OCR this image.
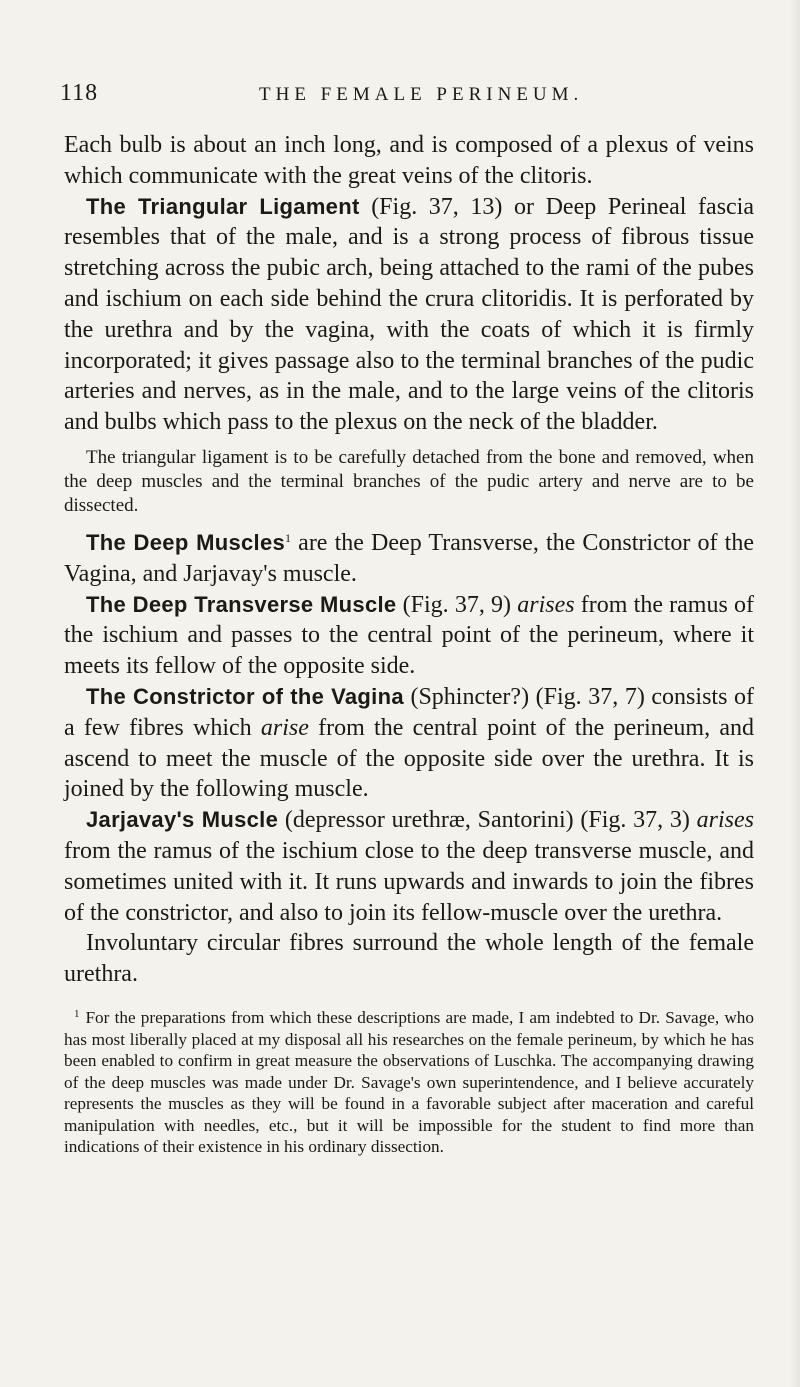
118	THE FEMALE PERINEUM.

Each bulb is about an inch long, and is composed of a plexus of veins which communicate with the great veins of the clitoris.

The Triangular Ligament (Fig. 37, 13) or Deep Perineal fascia resembles that of the male, and is a strong process of fibrous tissue stretching across the pubic arch, being attached to the rami of the pubes and ischium on each side behind the crura clitoridis. It is perforated by the urethra and by the vagina, with the coats of which it is firmly incorporated; it gives passage also to the terminal branches of the pudic arteries and nerves, as in the male, and to the large veins of the clitoris and bulbs which pass to the plexus on the neck of the bladder.

The triangular ligament is to be carefully detached from the bone and removed, when the deep muscles and the terminal branches of the pudic artery and nerve are to be dissected.

The Deep Muscles$^1$ are the Deep Transverse, the Constrictor of the Vagina, and Jarjavay's muscle.

The Deep Transverse Muscle (Fig. 37, 9) arises from the ramus of the ischium and passes to the central point of the perineum, where it meets its fellow of the opposite side.

The Constrictor of the Vagina (Sphincter?) (Fig. 37, 7) consists of a few fibres which arise from the central point of the perineum, and ascend to meet the muscle of the opposite side over the urethra. It is joined by the following muscle.

Jarjavay's Muscle (depressor urethræ, Santorini) (Fig. 37, 3) arises from the ramus of the ischium close to the deep transverse muscle, and sometimes united with it. It runs upwards and inwards to join the fibres of the constrictor, and also to join its fellow-muscle over the urethra.

Involuntary circular fibres surround the whole length of the female urethra.

$^1$ For the preparations from which these descriptions are made, I am indebted to Dr. Savage, who has most liberally placed at my disposal all his researches on the female perineum, by which he has been enabled to confirm in great measure the observations of Luschka. The accompanying drawing of the deep muscles was made under Dr. Savage's own superintendence, and I believe accurately represents the muscles as they will be found in a favorable subject after maceration and careful manipulation with needles, etc., but it will be impossible for the student to find more than indications of their existence in his ordinary dissection.
